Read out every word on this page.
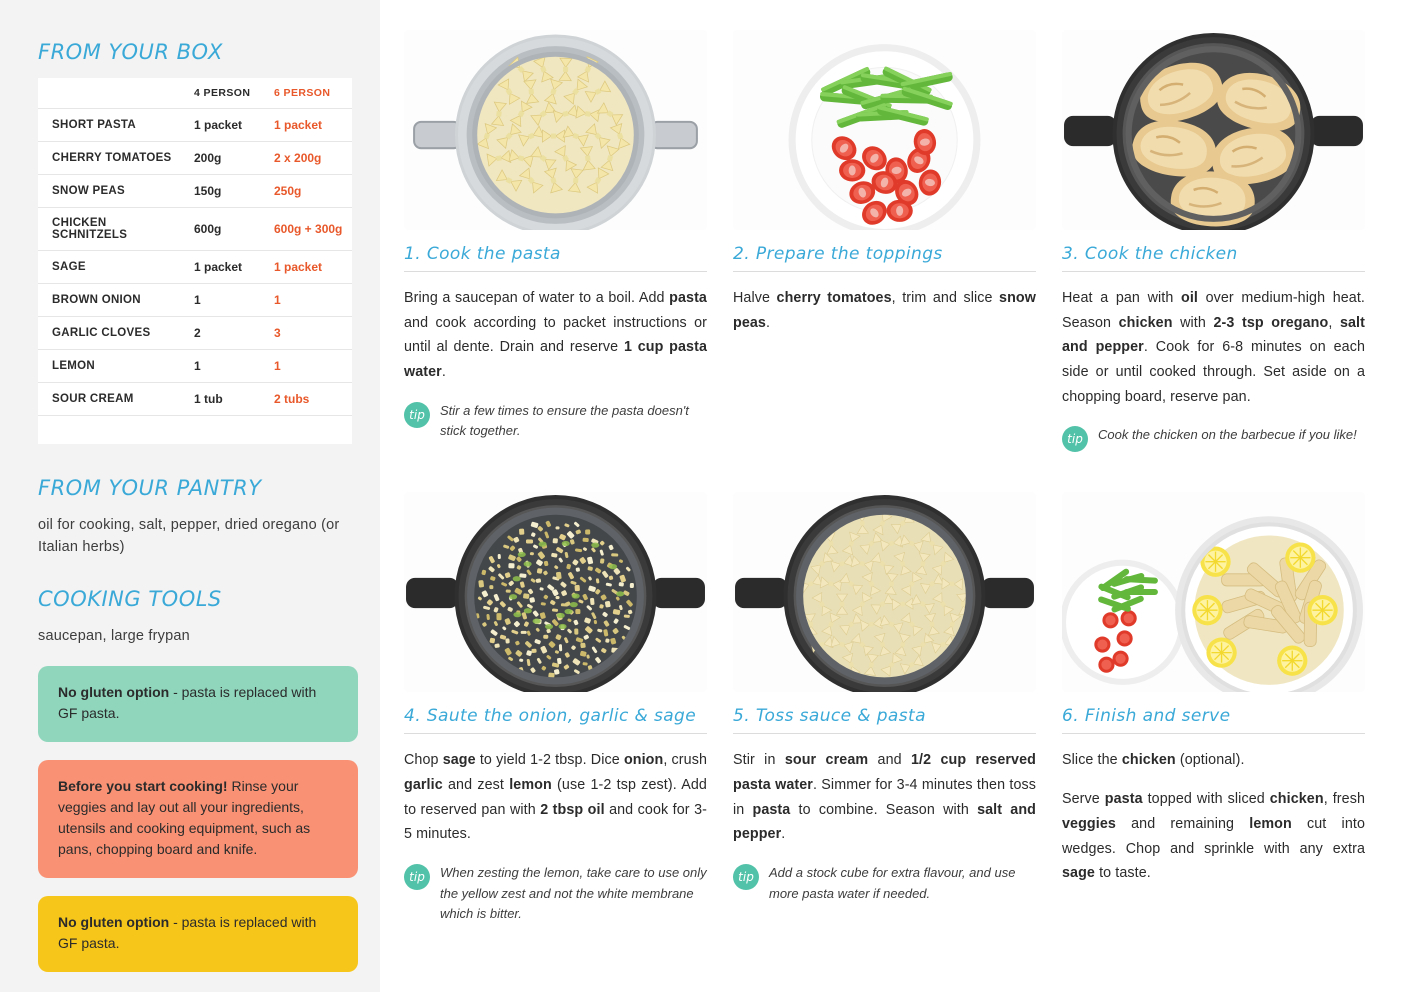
FROM YOUR BOX
	4 PERSON	6 PERSON
SHORT PASTA	1 packet	1 packet
CHERRY TOMATOES	200g	2 x 200g
SNOW PEAS	150g	250g
CHICKEN SCHNITZELS	600g	600g + 300g
SAGE	1 packet	1 packet
BROWN ONION	1	1
GARLIC CLOVES	2	3
LEMON	1	1
SOUR CREAM	1 tub	2 tubs

FROM YOUR PANTRY

oil for cooking, salt, pepper, dried oregano (or Italian herbs)

COOKING TOOLS

saucepan, large frypan

No gluten option - pasta is replaced with GF pasta.
Before you start cooking! Rinse your veggies and lay out all your ingredients, utensils and cooking equipment, such as pans, chopping board and knife.
No gluten option - pasta is replaced with GF pasta.
1. Cook the pasta

Bring a saucepan of water to a boil. Add pasta and cook according to packet instructions or until al dente. Drain and reserve 1 cup pasta water.

tip	Stir a few times to ensure the pasta doesn't stick together.
2. Prepare the toppings

Halve cherry tomatoes, trim and slice snow peas.

3. Cook the chicken

Heat a pan with oil over medium-high heat. Season chicken with 2-3 tsp oregano, salt and pepper. Cook for 6-8 minutes on each side or until cooked through. Set aside on a chopping board, reserve pan.

tip	Cook the chicken on the barbecue if you like!
4. Saute the onion, garlic & sage

Chop sage to yield 1-2 tbsp. Dice onion, crush garlic and zest lemon (use 1-2 tsp zest). Add to reserved pan with 2 tbsp oil and cook for 3-5 minutes.

tip	When zesting the lemon, take care to use only the yellow zest and not the white membrane which is bitter.
5. Toss sauce & pasta

Stir in sour cream and 1/2 cup reserved pasta water. Simmer for 3-4 minutes then toss in pasta to combine. Season with salt and pepper.

tip	Add a stock cube for extra flavour, and use more pasta water if needed.
6. Finish and serve

Slice the chicken (optional).

Serve pasta topped with sliced chicken, fresh veggies and remaining lemon cut into wedges. Chop and sprinkle with any extra sage to taste.
